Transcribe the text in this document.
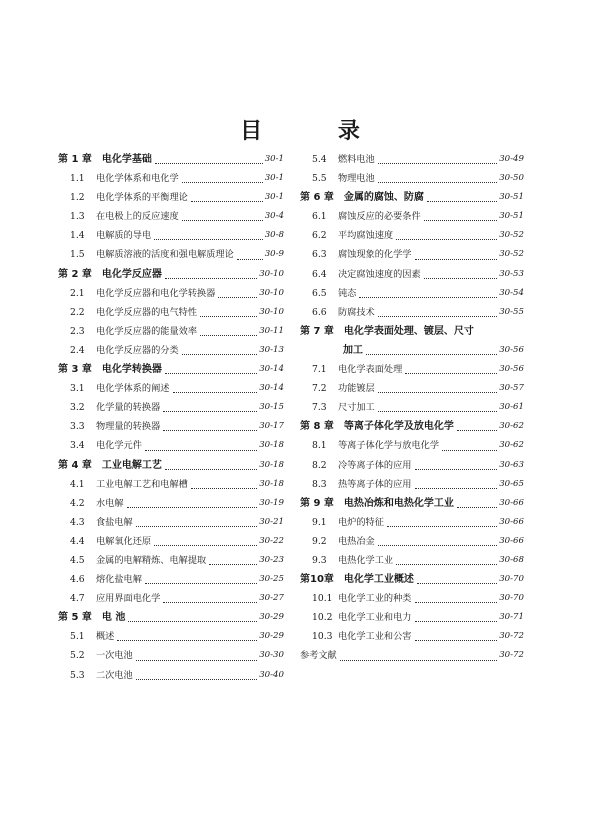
目 录
第 1 章 电化学基础	30-1
1.1	电化学体系和电化学	30-1
1.2	电化学体系的平衡理论	30-1
1.3	在电极上的反应速度	30-4
1.4	电解质的导电	30-8
1.5	电解质溶液的活度和强电解质理论	30-9
第 2 章 电化学反应器	30-10
2.1	电化学反应器和电化学转换器	30-10
2.2	电化学反应器的电气特性	30-10
2.3	电化学反应器的能量效率	30-11
2.4	电化学反应器的分类	30-13
第 3 章 电化学转换器	30-14
3.1	电化学体系的阐述	30-14
3.2	化学量的转换器	30-15
3.3	物理量的转换器	30-17
3.4	电化学元件	30-18
第 4 章 工业电解工艺	30-18
4.1	工业电解工艺和电解槽	30-18
4.2	水电解	30-19
4.3	食盐电解	30-21
4.4	电解氧化还原	30-22
4.5	金属的电解精炼、电解提取	30-23
4.6	熔化盐电解	30-25
4.7	应用界面电化学	30-27
第 5 章 电 池	30-29
5.1	概述	30-29
5.2	一次电池	30-30
5.3	二次电池	30-40
5.4	燃料电池	30-49
5.5	物理电池	30-50
第 6 章 金属的腐蚀、防腐	30-51
6.1	腐蚀反应的必要条件	30-51
6.2	平均腐蚀速度	30-52
6.3	腐蚀现象的化学学	30-52
6.4	决定腐蚀速度的因素	30-53
6.5	钝态	30-54
6.6	防腐技术	30-55
第 7 章 电化学表面处理、镀层、尺寸
加工	30-56
7.1	电化学表面处理	30-56
7.2	功能镀层	30-57
7.3	尺寸加工	30-61
第 8 章 等离子体化学及放电化学	30-62
8.1	等离子体化学与放电化学	30-62
8.2	冷等离子体的应用	30-63
8.3	热等离子体的应用	30-65
第 9 章 电热冶炼和电热化学工业	30-66
9.1	电炉的特征	30-66
9.2	电热冶金	30-66
9.3	电热化学工业	30-68
第10章 电化学工业概述	30-70
10.1 电化学工业的种类	30-70
10.2 电化学工业和电力	30-71
10.3 电化学工业和公害	30-72
参考文献	30-72
